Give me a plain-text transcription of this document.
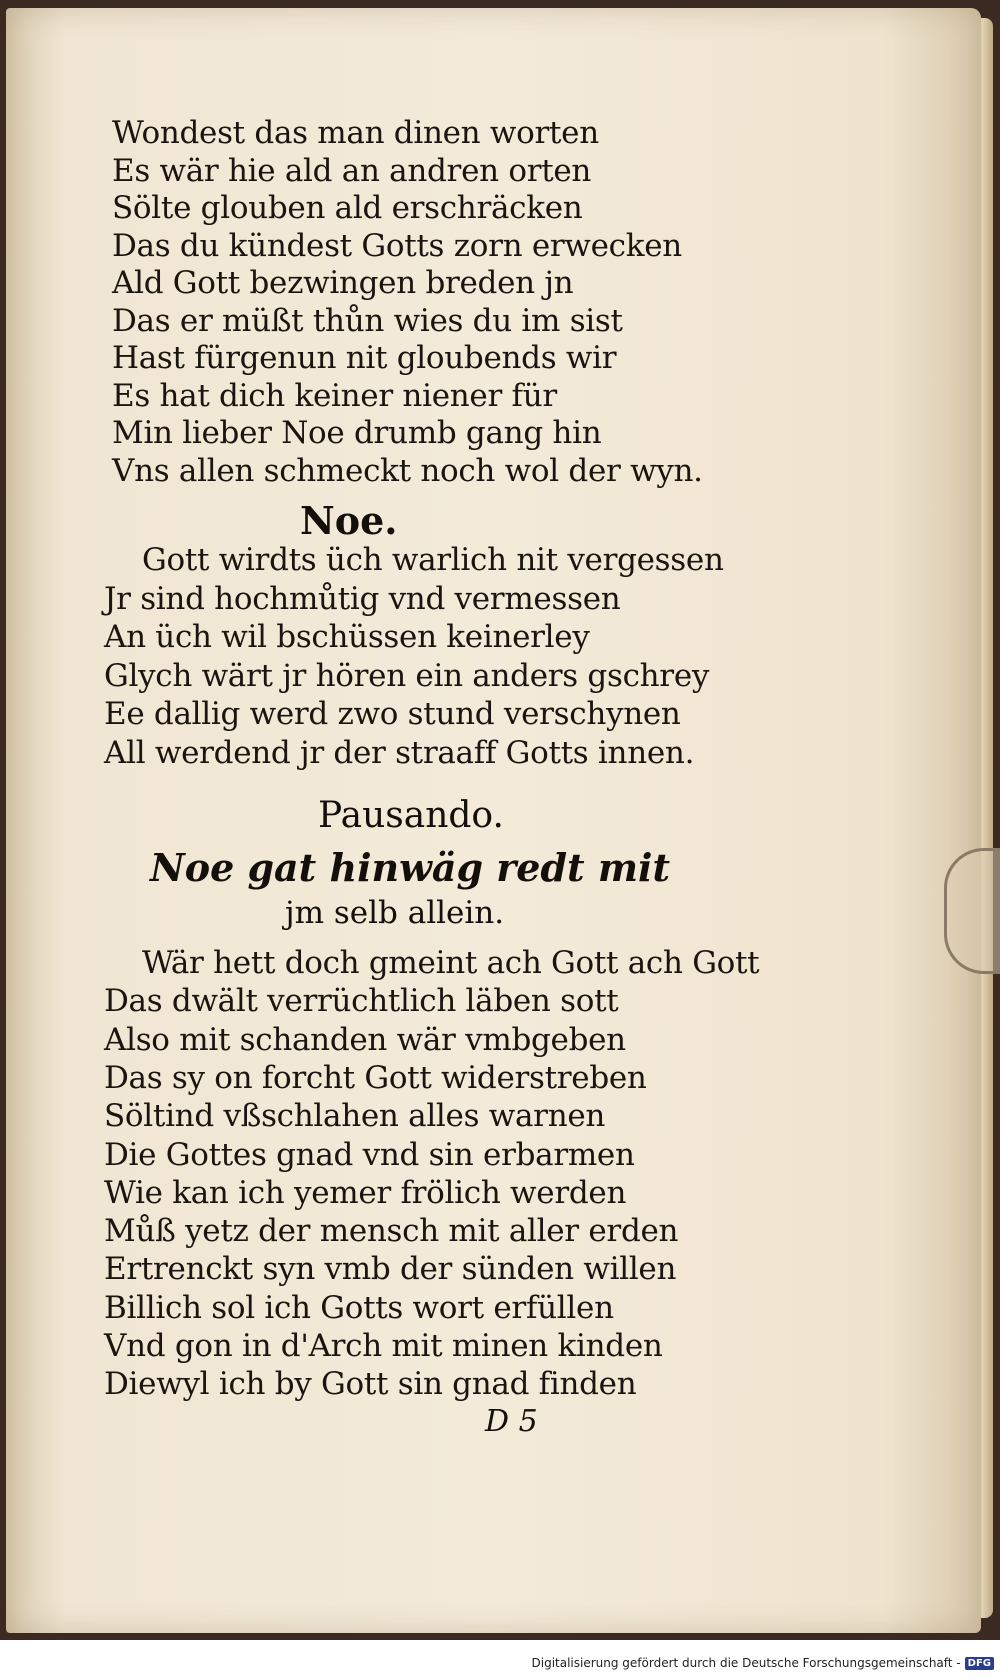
Wondest das man dinen worten
Es wär hie ald an andren orten
Sölte glouben ald erschräcken
Das du kündest Gotts zorn erwecken
Ald Gott bezwingen breden jn
Das er müßt thůn wies du im sist
Hast fürgenun nit gloubends wir
Es hat dich keiner niener für
Min lieber Noe drumb gang hin
Vns allen schmeckt noch wol der wyn.
Noe.
Gott wirdts üch warlich nit vergessen
Jr sind hochmůtig vnd vermessen
An üch wil bschüssen keinerley
Glych wärt jr hören ein anders gschrey
Ee dallig werd zwo stund verschynen
All werdend jr der straaff Gotts innen.
Pausando.
Noe gat hinwäg redt mit
jm selb allein.
Wär hett doch gmeint ach Gott ach Gott
Das dwält verrüchtlich läben sott
Also mit schanden wär vmbgeben
Das sy on forcht Gott widerstreben
Söltind vßschlahen alles warnen
Die Gottes gnad vnd sin erbarmen
Wie kan ich yemer frölich werden
Můß yetz der mensch mit aller erden
Ertrenckt syn vmb der sünden willen
Billich sol ich Gotts wort erfüllen
Vnd gon in d'Arch mit minen kinden
Diewyl ich by Gott sin gnad finden
D 5
Digitalisierung gefördert durch die Deutsche Forschungsgemeinschaft - DFG
